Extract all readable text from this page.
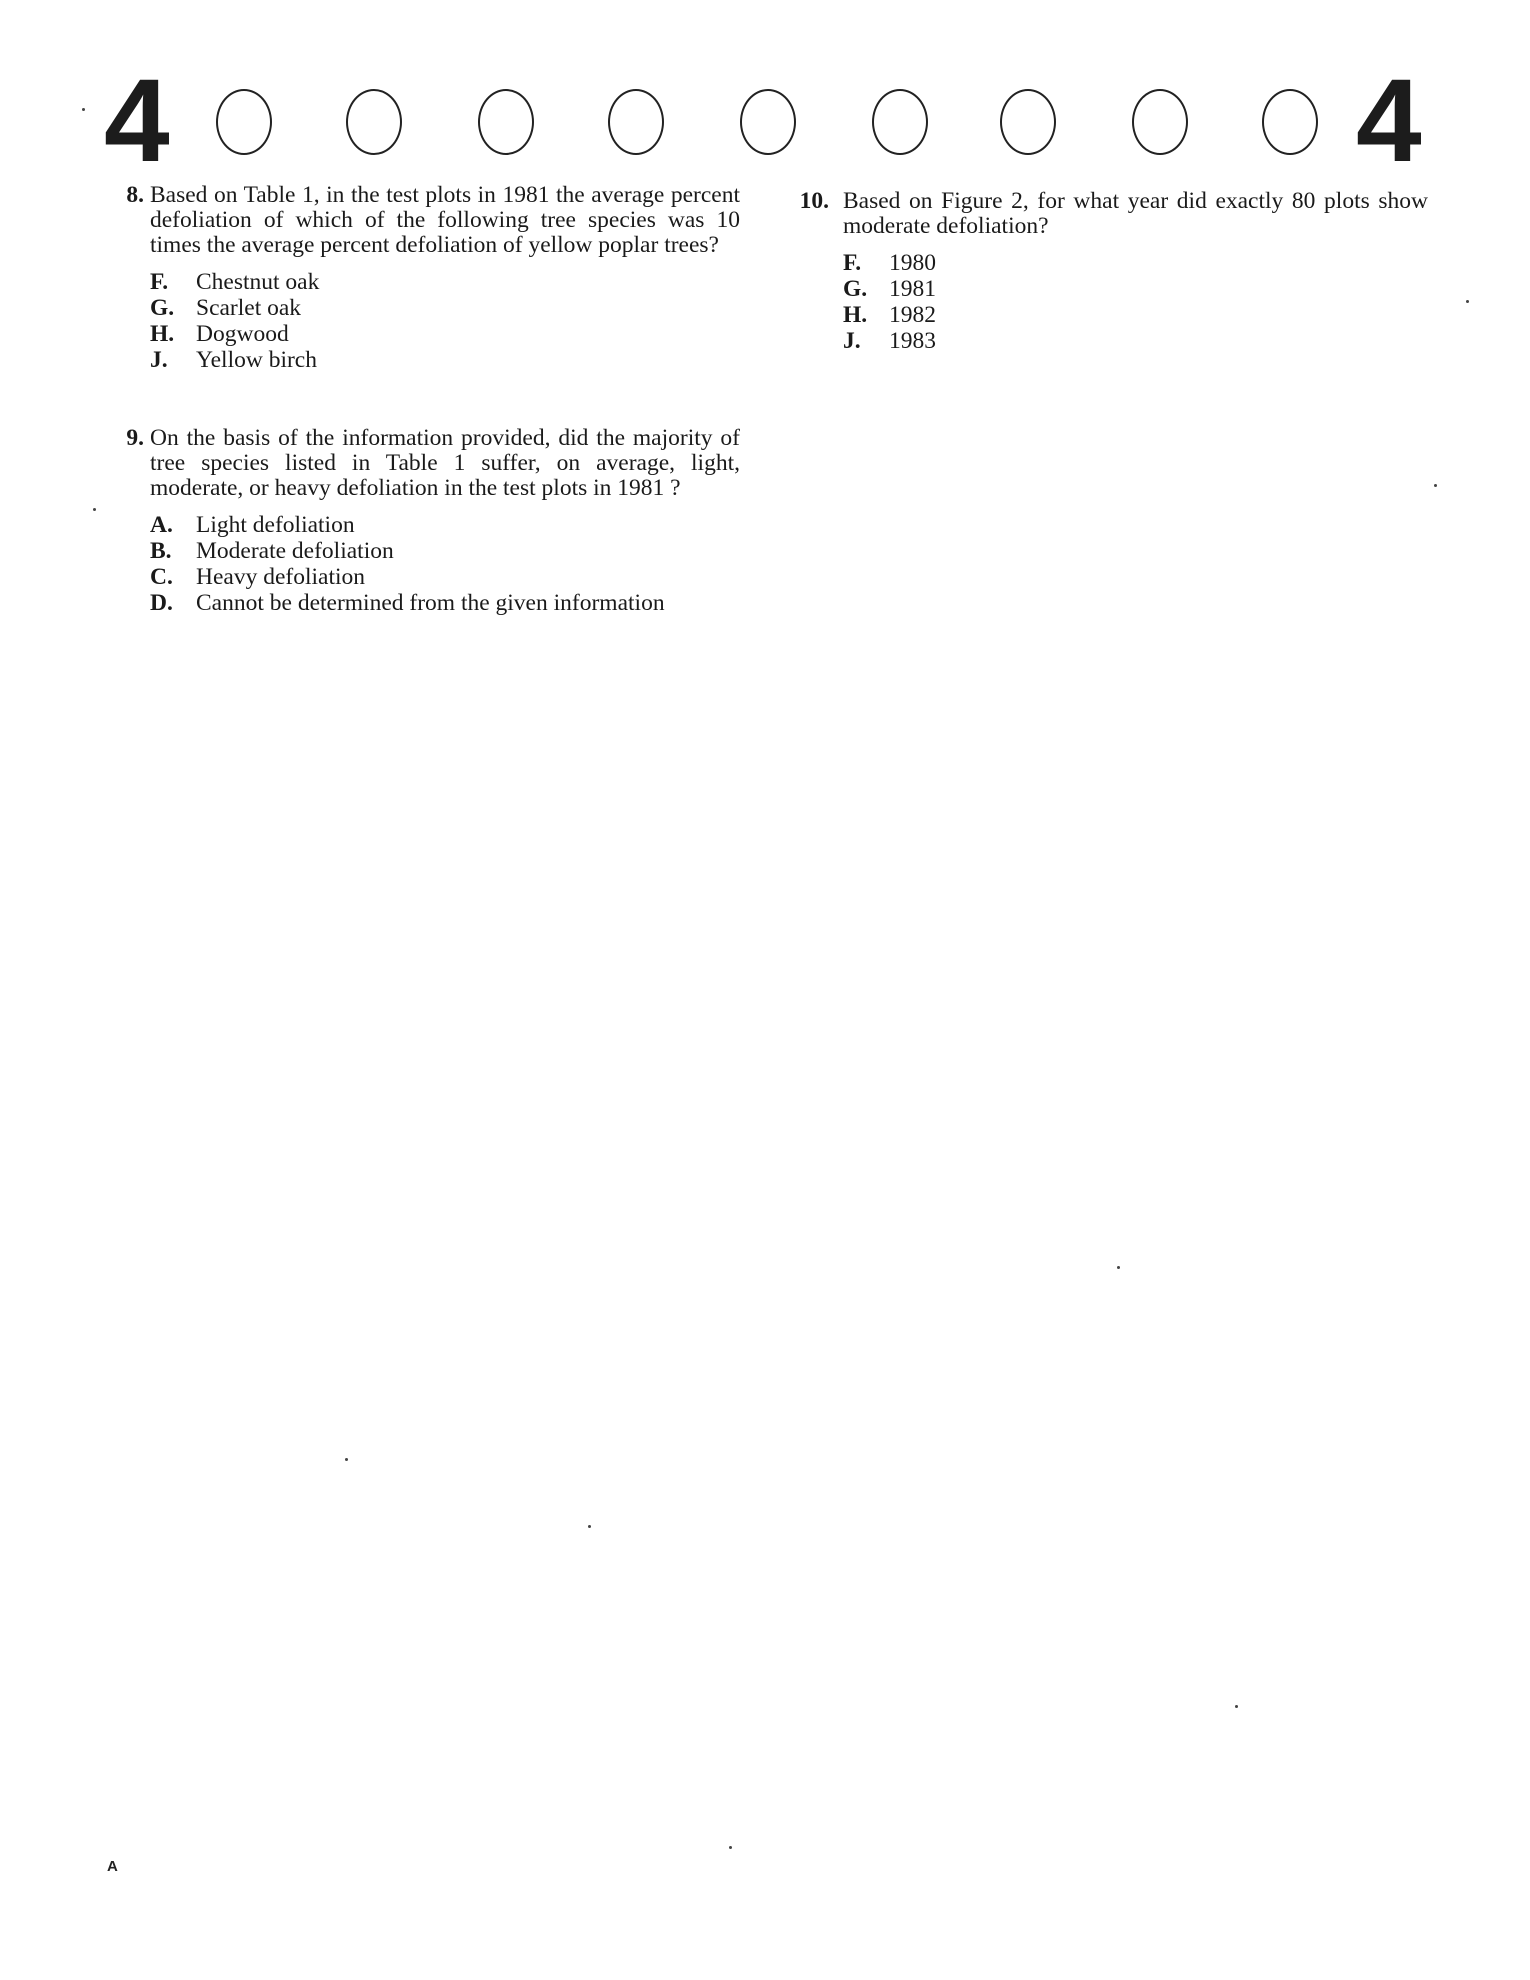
4	4
8. Based on Table 1, in the test plots in 1981 the average percent defoliation of which of the following tree species was 10 times the average percent defoliation of yellow poplar trees?
F. Chestnut oak
G. Scarlet oak
H. Dogwood
J. Yellow birch
9. On the basis of the information provided, did the majority of tree species listed in Table 1 suffer, on average, light, moderate, or heavy defoliation in the test plots in 1981 ?
A. Light defoliation
B. Moderate defoliation
C. Heavy defoliation
D. Cannot be determined from the given information
10. Based on Figure 2, for what year did exactly 80 plots show moderate defoliation?
F. 1980
G. 1981
H. 1982
J. 1983
A
